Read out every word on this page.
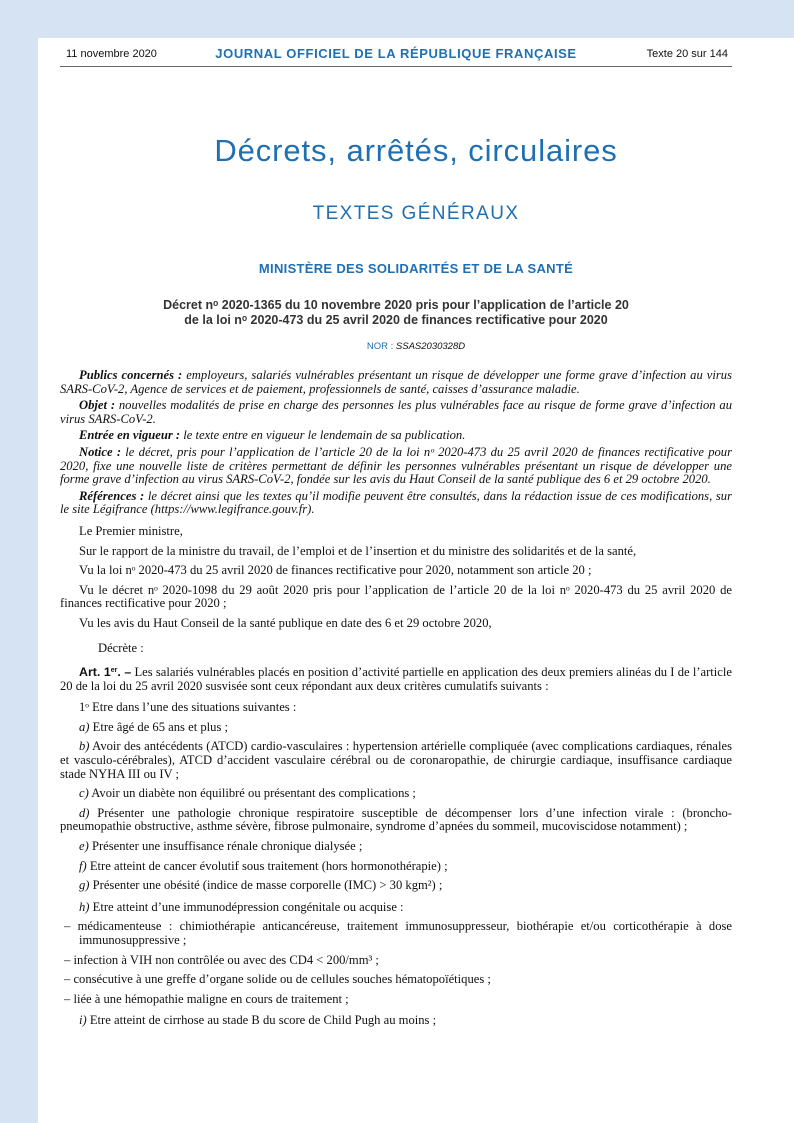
11 novembre 2020	JOURNAL OFFICIEL DE LA RÉPUBLIQUE FRANÇAISE	Texte 20 sur 144
Décrets, arrêtés, circulaires
TEXTES GÉNÉRAUX
MINISTÈRE DES SOLIDARITÉS ET DE LA SANTÉ
Décret nᵒ 2020-1365 du 10 novembre 2020 pris pour l’application de l’article 20
de la loi nᵒ 2020-473 du 25 avril 2020 de finances rectificative pour 2020
NOR : SSAS2030328D

Publics concernés : employeurs, salariés vulnérables présentant un risque de développer une forme grave d’infection au virus SARS-CoV-2, Agence de services et de paiement, professionnels de santé, caisses d’assurance maladie.

Objet : nouvelles modalités de prise en charge des personnes les plus vulnérables face au risque de forme grave d’infection au virus SARS-CoV-2.

Entrée en vigueur : le texte entre en vigueur le lendemain de sa publication.

Notice : le décret, pris pour l’application de l’article 20 de la loi nᵒ 2020-473 du 25 avril 2020 de finances rectificative pour 2020, fixe une nouvelle liste de critères permettant de définir les personnes vulnérables présentant un risque de développer une forme grave d’infection au virus SARS-CoV-2, fondée sur les avis du Haut Conseil de la santé publique des 6 et 29 octobre 2020.

Références : le décret ainsi que les textes qu’il modifie peuvent être consultés, dans la rédaction issue de ces modifications, sur le site Légifrance (https://www.legifrance.gouv.fr).

Le Premier ministre,

Sur le rapport de la ministre du travail, de l’emploi et de l’insertion et du ministre des solidarités et de la santé,

Vu la loi nᵒ 2020-473 du 25 avril 2020 de finances rectificative pour 2020, notamment son article 20 ;

Vu le décret nᵒ 2020-1098 du 29 août 2020 pris pour l’application de l’article 20 de la loi nᵒ 2020-473 du 25 avril 2020 de finances rectificative pour 2020 ;

Vu les avis du Haut Conseil de la santé publique en date des 6 et 29 octobre 2020,

Décrète :

Art. 1er. – Les salariés vulnérables placés en position d’activité partielle en application des deux premiers alinéas du I de l’article 20 de la loi du 25 avril 2020 susvisée sont ceux répondant aux deux critères cumulatifs suivants :

1ᵒ Etre dans l’une des situations suivantes :

a) Etre âgé de 65 ans et plus ;

b) Avoir des antécédents (ATCD) cardio-vasculaires : hypertension artérielle compliquée (avec complications cardiaques, rénales et vasculo-cérébrales), ATCD d’accident vasculaire cérébral ou de coronaropathie, de chirurgie cardiaque, insuffisance cardiaque stade NYHA III ou IV ;

c) Avoir un diabète non équilibré ou présentant des complications ;

d) Présenter une pathologie chronique respiratoire susceptible de décompenser lors d’une infection virale : (broncho-pneumopathie obstructive, asthme sévère, fibrose pulmonaire, syndrome d’apnées du sommeil, mucoviscidose notamment) ;

e) Présenter une insuffisance rénale chronique dialysée ;

f) Etre atteint de cancer évolutif sous traitement (hors hormonothérapie) ;

g) Présenter une obésité (indice de masse corporelle (IMC) > 30 kgm²) ;

h) Etre atteint d’une immunodépression congénitale ou acquise :

– médicamenteuse : chimiothérapie anticancéreuse, traitement immunosuppresseur, biothérapie et/ou corticothérapie à dose immunosuppressive ;

– infection à VIH non contrôlée ou avec des CD4 < 200/mm³ ;

– consécutive à une greffe d’organe solide ou de cellules souches hématopoïétiques ;

– liée à une hémopathie maligne en cours de traitement ;

i) Etre atteint de cirrhose au stade B du score de Child Pugh au moins ;
